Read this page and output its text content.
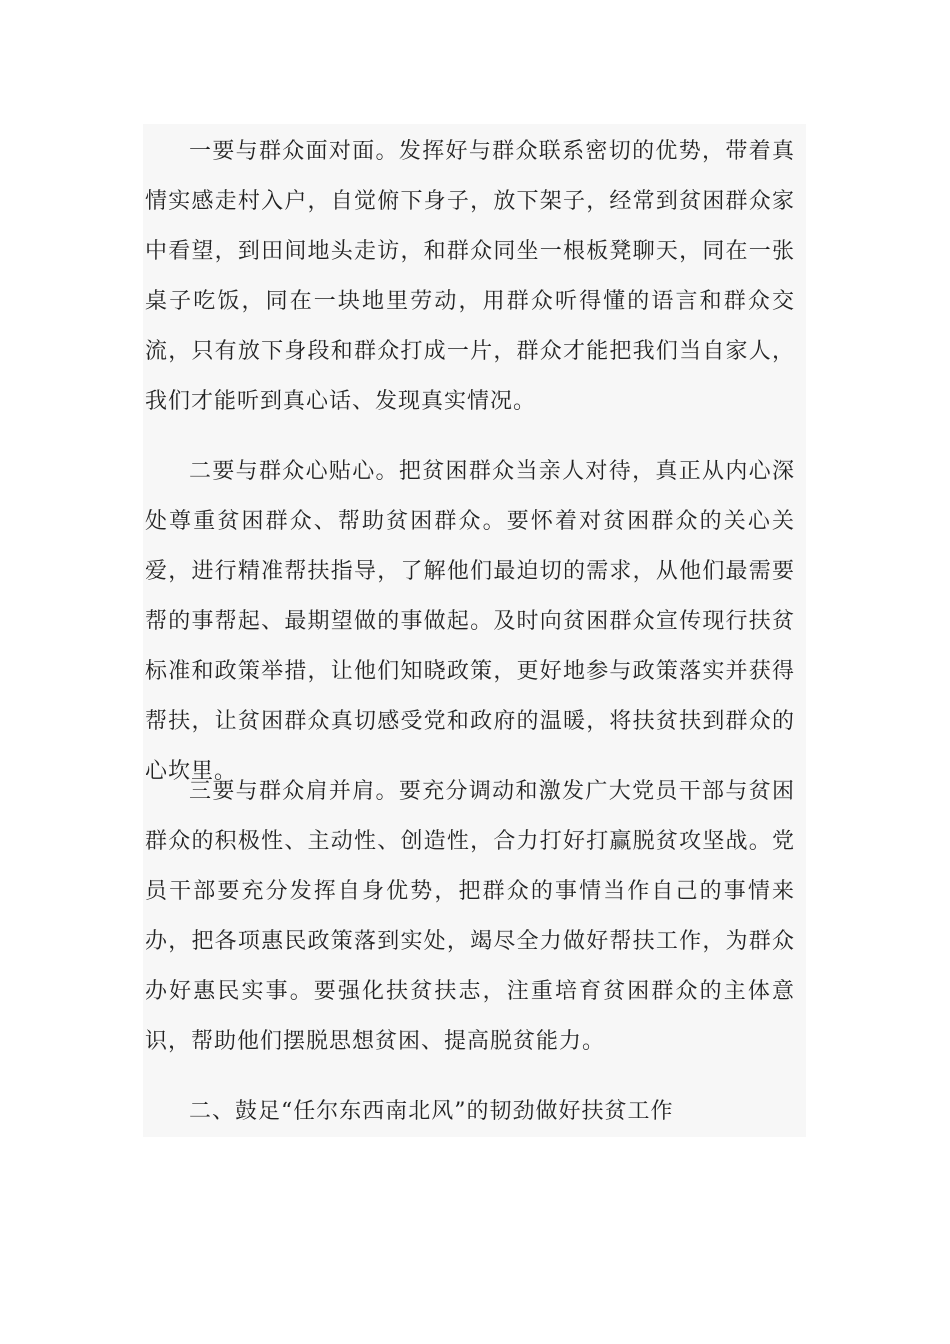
一要与群众面对面。发挥好与群众联系密切的优势，带着真情实感走村入户，自觉俯下身子，放下架子，经常到贫困群众家中看望，到田间地头走访，和群众同坐一根板凳聊天，同在一张桌子吃饭，同在一块地里劳动，用群众听得懂的语言和群众交流，只有放下身段和群众打成一片，群众才能把我们当自家人，我们才能听到真心话、发现真实情况。

二要与群众心贴心。把贫困群众当亲人对待，真正从内心深处尊重贫困群众、帮助贫困群众。要怀着对贫困群众的关心关爱，进行精准帮扶指导，了解他们最迫切的需求，从他们最需要帮的事帮起、最期望做的事做起。及时向贫困群众宣传现行扶贫标准和政策举措，让他们知晓政策，更好地参与政策落实并获得帮扶，让贫困群众真切感受党和政府的温暖，将扶贫扶到群众的心坎里。

三要与群众肩并肩。要充分调动和激发广大党员干部与贫困群众的积极性、主动性、创造性，合力打好打赢脱贫攻坚战。党员干部要充分发挥自身优势，把群众的事情当作自己的事情来办，把各项惠民政策落到实处，竭尽全力做好帮扶工作，为群众办好惠民实事。要强化扶贫扶志，注重培育贫困群众的主体意识，帮助他们摆脱思想贫困、提高脱贫能力。

二、鼓足“任尔东西南北风”的韧劲做好扶贫工作
